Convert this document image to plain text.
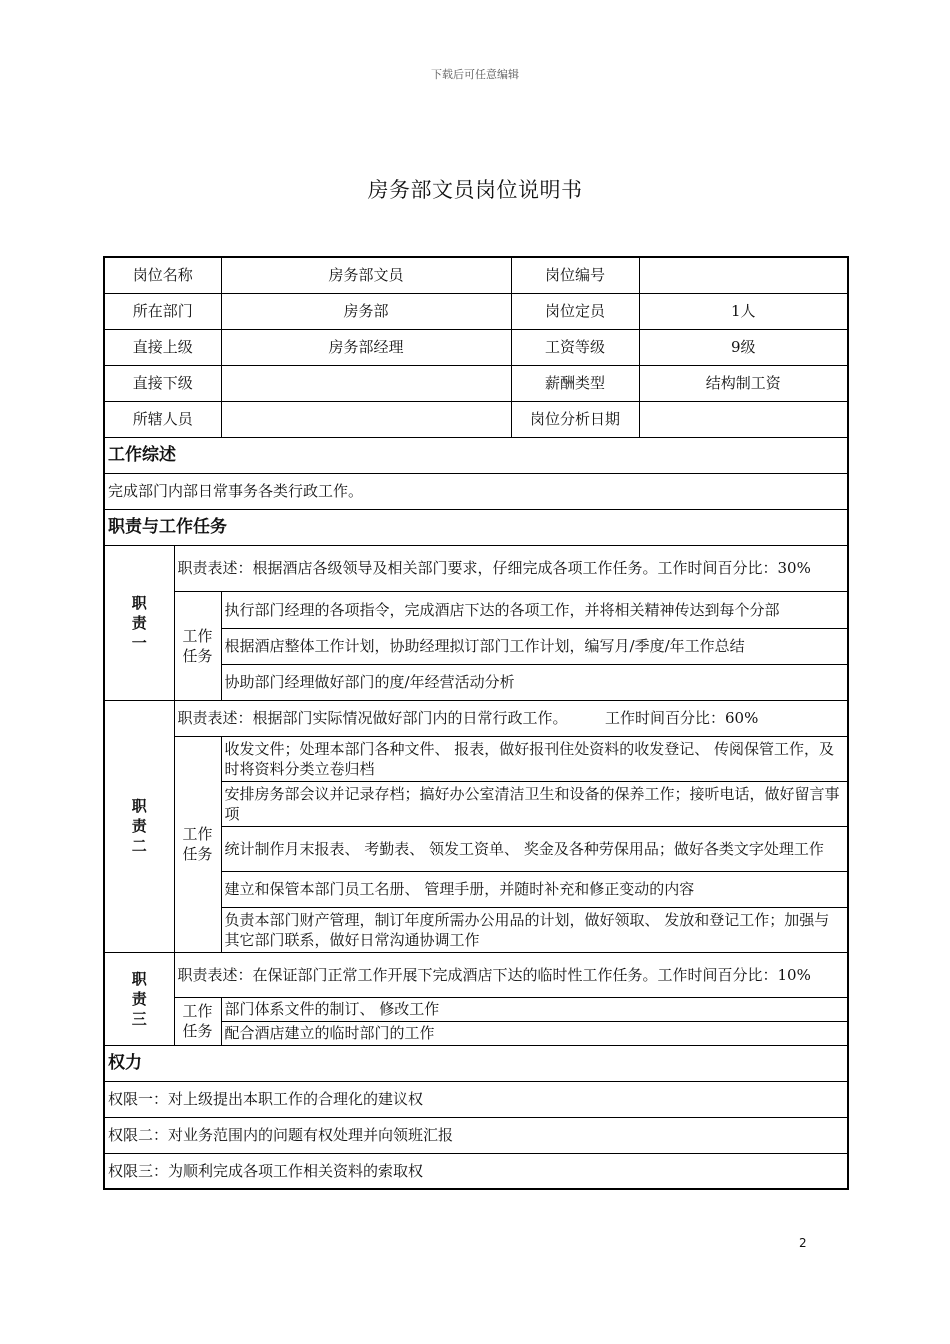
下载后可任意编辑
房务部文员岗位说明书
岗位名称		房务部文员	岗位编号	
所在部门		房务部	岗位定员	1人
直接上级		房务部经理	工资等级	9级
直接下级			薪酬类型	结构制工资
所辖人员			岗位分析日期	
工作综述				
完成部门内部日常事务各类行政工作。				
职责与工作任务				

职
责
一	职责表述：根据酒店各级领导及相关部门要求，仔细完成各项工作任务。工作时间百分比：30%			

	工作
任务	执行部门经理的各项指令，完成酒店下达的各项工作，并将相关精神传达到每个分部		
		根据酒店整体工作计划，协助经理拟订部门工作计划，编写月/季度/年工作总结		
		协助部门经理做好部门的度/年经营活动分析		

职
责
二	职责表述：根据部门实际情况做好部门内的日常行政工作。　　　工作时间百分比：60%			

	工作
任务	收发文件；处理本部门各种文件、 报表，做好报刊住处资料的收发登记、 传阅保管工作，及时将资料分类立卷归档		
		安排房务部会议并记录存档；搞好办公室清洁卫生和设备的保养工作；接听电话，做好留言事项		
		统计制作月末报表、 考勤表、 领发工资单、 奖金及各种劳保用品；做好各类文字处理工作		
		建立和保管本部门员工名册、 管理手册，并随时补充和修正变动的内容		
		负责本部门财产管理，制订年度所需办公用品的计划，做好领取、 发放和登记工作；加强与其它部门联系，做好日常沟通协调工作		

职
责
三	职责表述：在保证部门正常工作开展下完成酒店下达的临时性工作任务。工作时间百分比：10%			

	工作
任务	部门体系文件的制订、 修改工作		
		配合酒店建立的临时部门的工作		
权力				
权限一：对上级提出本职工作的合理化的建议权				
权限二：对业务范围内的问题有权处理并向领班汇报				
权限三：为顺利完成各项工作相关资料的索取权				
2
